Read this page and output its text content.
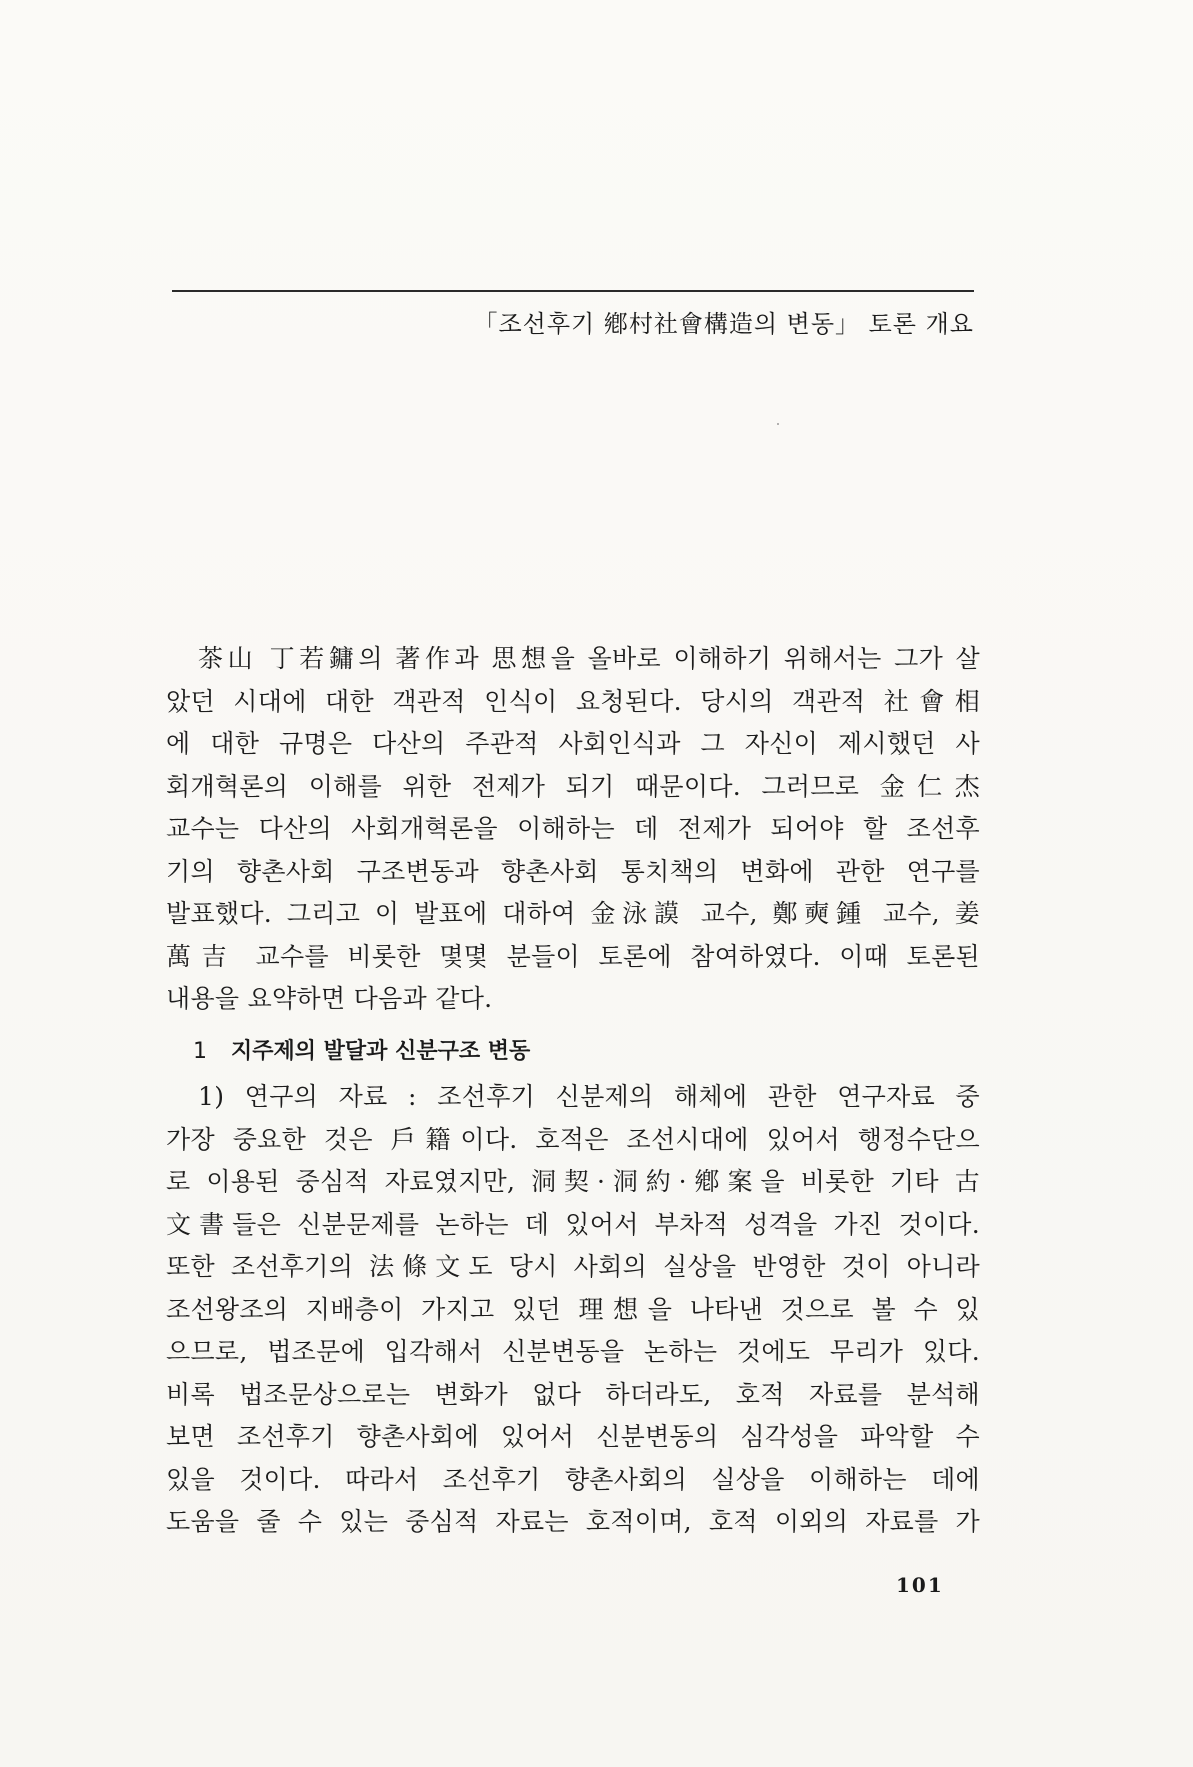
「조선후기 鄕村社會構造의 변동」 토론 개요
茶山 丁若鏞의 著作과 思想을 올바로 이해하기 위해서는 그가 살
았던 시대에 대한 객관적 인식이 요청된다. 당시의 객관적 社會相
에 대한 규명은 다산의 주관적 사회인식과 그 자신이 제시했던 사
회개혁론의 이해를 위한 전제가 되기 때문이다. 그러므로 金仁杰
교수는 다산의 사회개혁론을 이해하는 데 전제가 되어야 할 조선후
기의 향촌사회 구조변동과 향촌사회 통치책의 변화에 관한 연구를
발표했다. 그리고 이 발표에 대하여 金泳謨 교수, 鄭奭鍾 교수, 姜
萬吉 교수를 비롯한 몇몇 분들이 토론에 참여하였다. 이때 토론된
내용을 요약하면 다음과 같다.
1 지주제의 발달과 신분구조 변동
1) 연구의 자료 : 조선후기 신분제의 해체에 관한 연구자료 중
가장 중요한 것은 戶籍이다. 호적은 조선시대에 있어서 행정수단으
로 이용된 중심적 자료였지만, 洞契·洞約·鄕案을 비롯한 기타 古
文書들은 신분문제를 논하는 데 있어서 부차적 성격을 가진 것이다.
또한 조선후기의 法條文도 당시 사회의 실상을 반영한 것이 아니라
조선왕조의 지배층이 가지고 있던 理想을 나타낸 것으로 볼 수 있
으므로, 법조문에 입각해서 신분변동을 논하는 것에도 무리가 있다.
비록 법조문상으로는 변화가 없다 하더라도, 호적 자료를 분석해
보면 조선후기 향촌사회에 있어서 신분변동의 심각성을 파악할 수
있을 것이다. 따라서 조선후기 향촌사회의 실상을 이해하는 데에
도움을 줄 수 있는 중심적 자료는 호적이며, 호적 이외의 자료를 가
101
